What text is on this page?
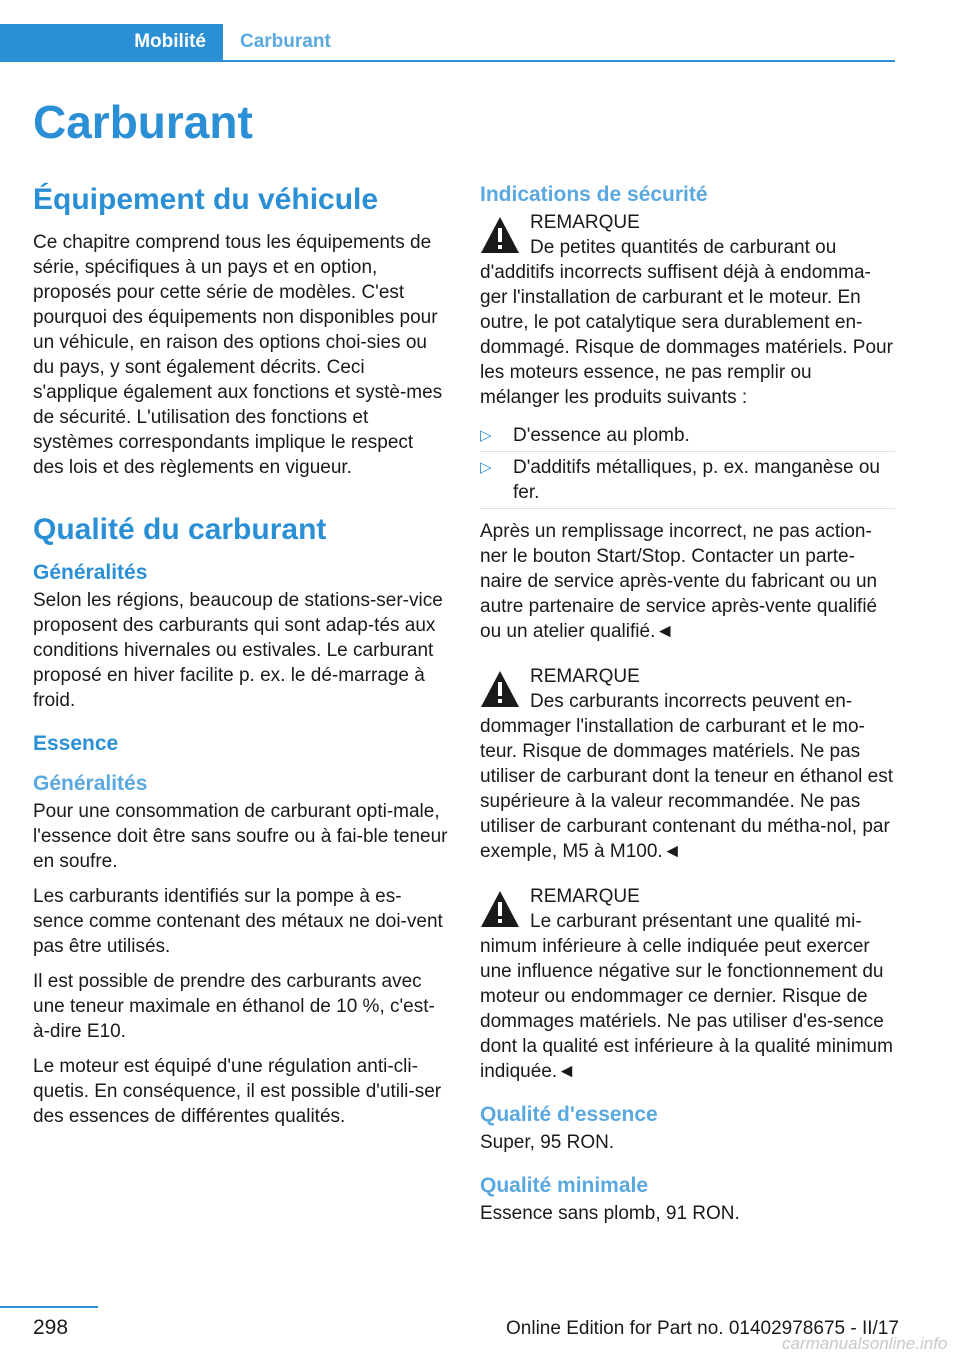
Mobilité	Carburant
Carburant
Équipement du véhicule

Ce chapitre comprend tous les équipements de série, spécifiques à un pays et en option, proposés pour cette série de modèles. C'est pourquoi des équipements non disponibles pour un véhicule, en raison des options choi‐sies ou du pays, y sont également décrits. Ceci s'applique également aux fonctions et systè‐mes de sécurité. L'utilisation des fonctions et systèmes correspondants implique le respect des lois et des règlements en vigueur.

Qualité du carburant
Généralités

Selon les régions, beaucoup de stations-ser‐vice proposent des carburants qui sont adap‐tés aux conditions hivernales ou estivales. Le carburant proposé en hiver facilite p. ex. le dé‐marrage à froid.

Essence
Généralités

Pour une consommation de carburant opti‐male, l'essence doit être sans soufre ou à fai‐ble teneur en soufre.

Les carburants identifiés sur la pompe à es‐sence comme contenant des métaux ne doi‐vent pas être utilisés.

Il est possible de prendre des carburants avec une teneur maximale en éthanol de 10 %, c'est-à-dire E10.

Le moteur est équipé d'une régulation anti-cli‐quetis. En conséquence, il est possible d'utili‐ser des essences de différentes qualités.

Indications de sécurité

REMARQUE

De petites quantités de carburant ou

d'additifs incorrects suffisent déjà à endomma‐ger l'installation de carburant et le moteur. En outre, le pot catalytique sera durablement en‐dommagé. Risque de dommages matériels. Pour les moteurs essence, ne pas remplir ou mélanger les produits suivants :

▷ D'essence au plomb.
▷ D'additifs métalliques, p. ex. manganèse ou fer.

Après un remplissage incorrect, ne pas action‐ner le bouton Start/Stop. Contacter un parte‐naire de service après-vente du fabricant ou un autre partenaire de service après-vente qualifié ou un atelier qualifié.◄

REMARQUE

Des carburants incorrects peuvent en‐

dommager l'installation de carburant et le mo‐teur. Risque de dommages matériels. Ne pas utiliser de carburant dont la teneur en éthanol est supérieure à la valeur recommandée. Ne pas utiliser de carburant contenant du métha‐nol, par exemple, M5 à M100.◄

REMARQUE

Le carburant présentant une qualité mi‐

nimum inférieure à celle indiquée peut exercer une influence négative sur le fonctionnement du moteur ou endommager ce dernier. Risque de dommages matériels. Ne pas utiliser d'es‐sence dont la qualité est inférieure à la qualité minimum indiquée.◄

Qualité d'essence

Super, 95 RON.

Qualité minimale

Essence sans plomb, 91 RON.

298	Online Edition for Part no. 01402978675 - II/17
carmanualsonline.info
